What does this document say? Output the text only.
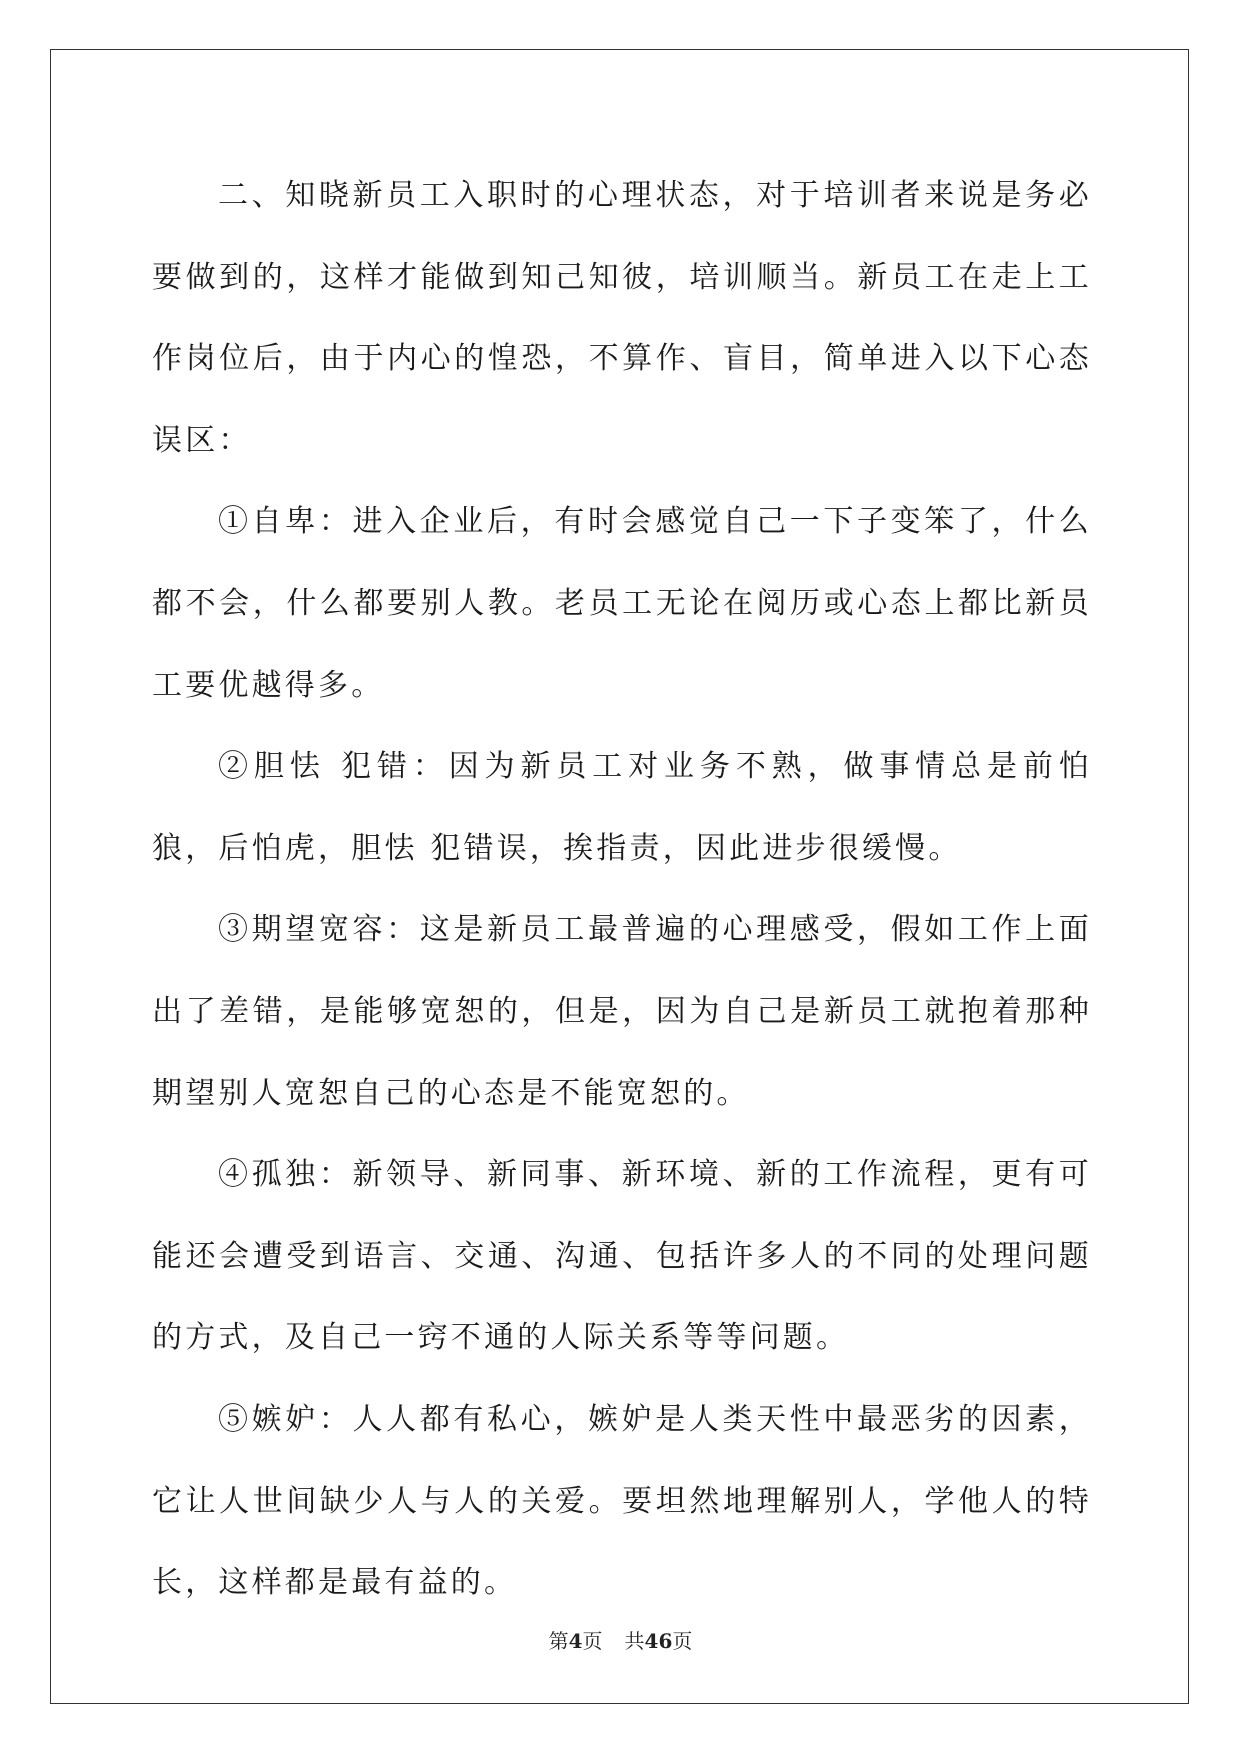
二、知晓新员工入职时的心理状态，对于培训者来说是务必要做到的，这样才能做到知己知彼，培训顺当。新员工在走上工作岗位后，由于内心的惶恐，不算作、盲目，简单进入以下心态误区：

①自卑：进入企业后，有时会感觉自己一下子变笨了，什么都不会，什么都要别人教。老员工无论在阅历或心态上都比新员工要优越得多。

②胆怯 犯错：因为新员工对业务不熟，做事情总是前怕狼，后怕虎，胆怯 犯错误，挨指责，因此进步很缓慢。

③期望宽容：这是新员工最普遍的心理感受，假如工作上面出了差错，是能够宽恕的，但是，因为自己是新员工就抱着那种期望别人宽恕自己的心态是不能宽恕的。

④孤独：新领导、新同事、新环境、新的工作流程，更有可能还会遭受到语言、交通、沟通、包括许多人的不同的处理问题的方式，及自己一窍不通的人际关系等等问题。

⑤嫉妒：人人都有私心，嫉妒是人类天性中最恶劣的因素，它让人世间缺少人与人的关爱。要坦然地理解别人，学他人的特长，这样都是最有益的。

第4页 共46页
